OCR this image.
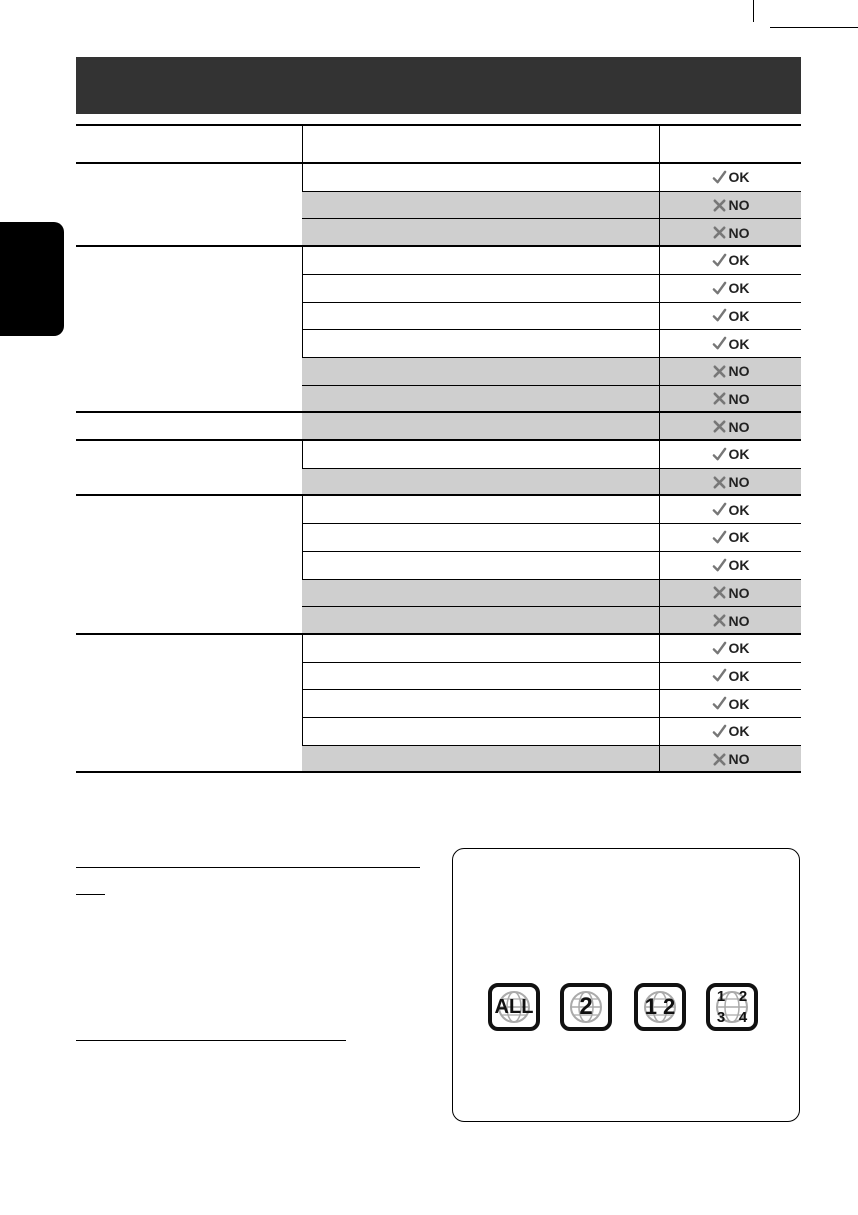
OK
NO
NO
OK
OK
OK
OK
NO
NO
NO
OK
NO
OK
OK
OK
NO
NO
OK
OK
OK
OK
NO
ALL	2	1 2	1 2
3 4
